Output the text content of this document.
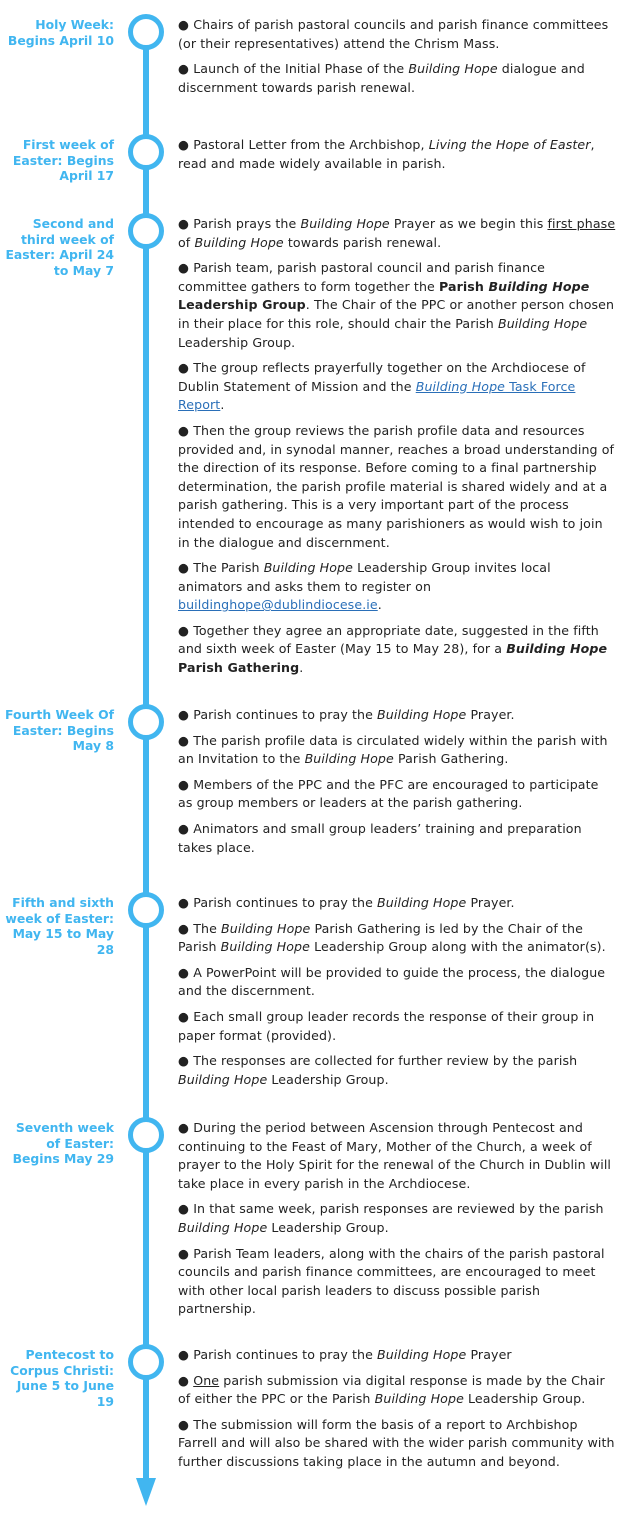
Holy Week: Begins April 10

● Chairs of parish pastoral councils and parish finance committees (or their representatives) attend the Chrism Mass.

● Launch of the Initial Phase of the Building Hope dialogue and discernment towards parish renewal.

First week of Easter: Begins April 17

● Pastoral Letter from the Archbishop, Living the Hope of Easter, read and made widely available in parish.

Second and third week of Easter: April 24 to May 7

● Parish prays the Building Hope Prayer as we begin this first phase of Building Hope towards parish renewal.

● Parish team, parish pastoral council and parish finance committee gathers to form together the Parish Building Hope Leadership Group. The Chair of the PPC or another person chosen in their place for this role, should chair the Parish Building Hope Leadership Group.

● The group reflects prayerfully together on the Archdiocese of Dublin Statement of Mission and the Building Hope Task Force Report.

● Then the group reviews the parish profile data and resources provided and, in synodal manner, reaches a broad understanding of the direction of its response. Before coming to a final partnership determination, the parish profile material is shared widely and at a parish gathering. This is a very important part of the process intended to encourage as many parishioners as would wish to join in the dialogue and discernment.

● The Parish Building Hope Leadership Group invites local animators and asks them to register on buildinghope@dublindiocese.ie.

● Together they agree an appropriate date, suggested in the fifth and sixth week of Easter (May 15 to May 28), for a Building Hope Parish Gathering.

Fourth Week Of Easter: Begins May 8

● Parish continues to pray the Building Hope Prayer.

● The parish profile data is circulated widely within the parish with an Invitation to the Building Hope Parish Gathering.

● Members of the PPC and the PFC are encouraged to participate as group members or leaders at the parish gathering.

● Animators and small group leaders’ training and preparation takes place.

Fifth and sixth week of Easter: May 15 to May 28

● Parish continues to pray the Building Hope Prayer.

● The Building Hope Parish Gathering is led by the Chair of the Parish Building Hope Leadership Group along with the animator(s).

● A PowerPoint will be provided to guide the process, the dialogue and the discernment.

● Each small group leader records the response of their group in paper format (provided).

● The responses are collected for further review by the parish Building Hope Leadership Group.

Seventh week of Easter: Begins May 29

● During the period between Ascension through Pentecost and continuing to the Feast of Mary, Mother of the Church, a week of prayer to the Holy Spirit for the renewal of the Church in Dublin will take place in every parish in the Archdiocese.

● In that same week, parish responses are reviewed by the parish Building Hope Leadership Group.

● Parish Team leaders, along with the chairs of the parish pastoral councils and parish finance committees, are encouraged to meet with other local parish leaders to discuss possible parish partnership.

Pentecost to Corpus Christi: June 5 to June 19

● Parish continues to pray the Building Hope Prayer

● One parish submission via digital response is made by the Chair of either the PPC or the Parish Building Hope Leadership Group.

● The submission will form the basis of a report to Archbishop Farrell and will also be shared with the wider parish community with further discussions taking place in the autumn and beyond.
